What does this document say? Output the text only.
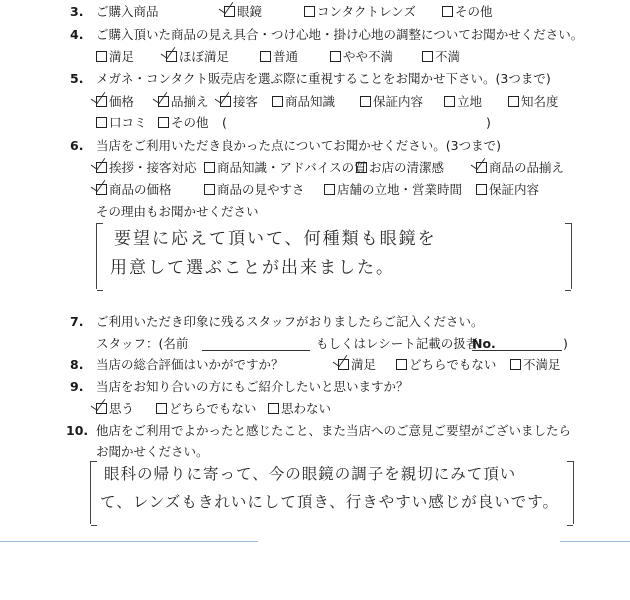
3. ご購入商品	眼鏡	コンタクトレンズ	その他
4. ご購入頂いた商品の見え具合・つけ心地・掛け心地の調整についてお聞かせください。
満足	ほぼ満足	普通	やや不満	不満
5. メガネ・コンタクト販売店を選ぶ際に重視することをお聞かせ下さい。(3つまで)
価格	品揃え	接客	商品知識	保証内容	立地	知名度
口コミ	その他 (	)
6. 当店をご利用いただき良かった点についてお聞かせください。(3つまで)
挨拶・接客対応	商品知識・アドバイスの質 お店の清潔感	商品の品揃え
商品の価格	商品の見やすさ	店舗の立地・営業時間	保証内容
その理由もお聞かせください
要望に応えて頂いて、何種類も眼鏡を
用意して選ぶことが出来ました。
7. ご利用いただき印象に残るスタッフがおりましたらご記入ください。
スタッフ：(名前	もしくはレシート記載の扱者
No.	)
8. 当店の総合評価はいかがですか？	満足	どちらでもない	不満足
9. 当店をお知り合いの方にもご紹介したいと思いますか？
思う	どちらでもない	思わない
10. 他店をご利用でよかったと感じたこと、また当店へのご意見ご要望がございましたら
お聞かせください。
眼科の帰りに寄って、今の眼鏡の調子を親切にみて頂い
て、レンズもきれいにして頂き、行きやすい感じが良いです。
